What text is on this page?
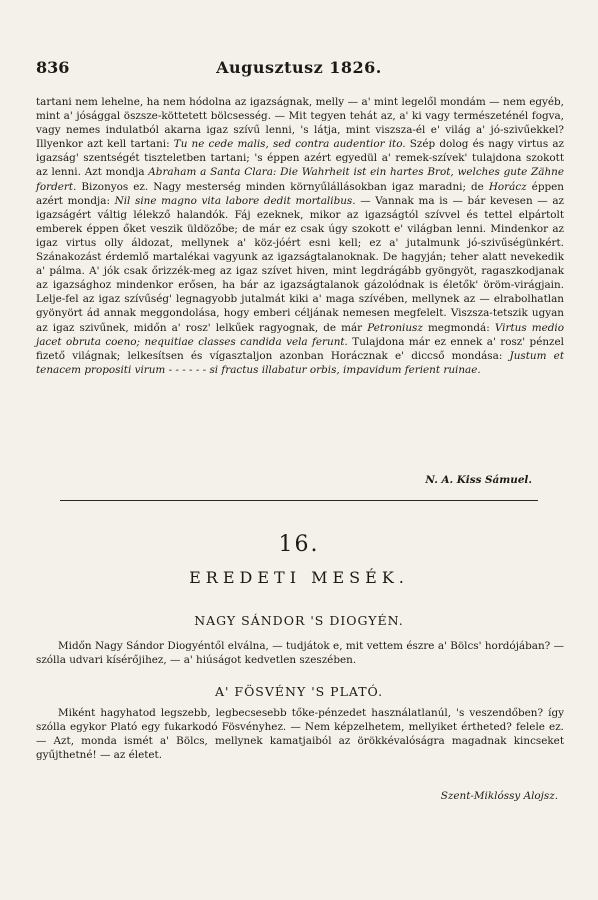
836	Augusztusz 1826.

tartani nem lehelne, ha nem hódolna az igazságnak, melly — a' mint legelől mondám — nem egyéb, mint a' jósággal öszsze-köttetett bölcsesség. — Mit tegyen tehát az, a' ki vagy természeténél fogva, vagy nemes indulatból akarna igaz szívű lenni, 's látja, mint viszsza-él e' világ a' jó-szivűekkel? Illyenkor azt kell tartani: Tu ne cede malis, sed contra audentior ito. Szép dolog és nagy virtus az igazság' szentségét tiszteletben tartani; 's éppen azért egyedül a' remek-szívek' tulajdona szokott az lenni. Azt mondja Abraham a Santa Clara: Die Wahrheit ist ein hartes Brot, welches gute Zähne fordert. Bizonyos ez. Nagy mesterség minden környűlállásokban igaz maradni; de Horácz éppen azért mondja: Nil sine magno vita labore dedit mortalibus. — Vannak ma is — bár kevesen — az igazságért váltig lélekző halandók. Fáj ezeknek, mikor az igazságtól szívvel és tettel elpártolt emberek éppen őket veszik üldözőbe; de már ez csak úgy szokott e' világban lenni. Mindenkor az igaz virtus olly áldozat, mellynek a' köz-jóért esni kell; ez a' jutalmunk jó-szivűségünkért. Szánakozást érdemlő martalékai vagyunk az igazságtalanoknak. De hagyján; teher alatt nevekedik a' pálma. A' jók csak őrizzék-meg az igaz szívet hiven, mint legdrágább gyöngyöt, ragaszkodjanak az igazsághoz mindenkor erősen, ha bár az igazságtalanok gázolódnak is életők' öröm-virágjain. Lelje-fel az igaz szívűség' legnagyobb jutalmát kiki a' maga szívében, mellynek az — elrabolhatlan gyönyört ád annak meggondolása, hogy emberi céljának nemesen megfelelt. Viszsza-tetszik ugyan az igaz szivűnek, midőn a' rosz' lelkűek ragyognak, de már Petroniusz megmondá: Virtus medio jacet obruta coeno; nequitiae classes candida vela ferunt. Tulajdona már ez ennek a' rosz' pénzel fizető világnak; lelkesítsen és vígasztaljon azonban Horácznak e' diccső mondása: Justum et tenacem propositi virum - - - - - - si fractus illabatur orbis, impavidum ferient ruinae.

N. A. Kiss Sámuel.
16.
EREDETI MESÉK.
NAGY SÁNDOR 'S DIOGYÉN.

Midőn Nagy Sándor Diogyéntől elválna, — tudjátok e, mit vettem észre a' Bölcs' hordójában? — szólla udvari kísérőjihez, — a' hiúságot kedvetlen szeszében.

A' FÖSVÉNY 'S PLATÓ.

Miként hagyhatod legszebb, legbecsesebb tőke-pénzedet használatlanúl, 's veszendőben? így szólla egykor Plató egy fukarkodó Fösvényhez. — Nem képzelhetem, mellyiket értheted? felele ez. — Azt, monda ismét a' Bölcs, mellynek kamatjaiból az örökkévalóságra magadnak kincseket gyűjthetné! — az életet.

Szent-Miklóssy Alojsz.
